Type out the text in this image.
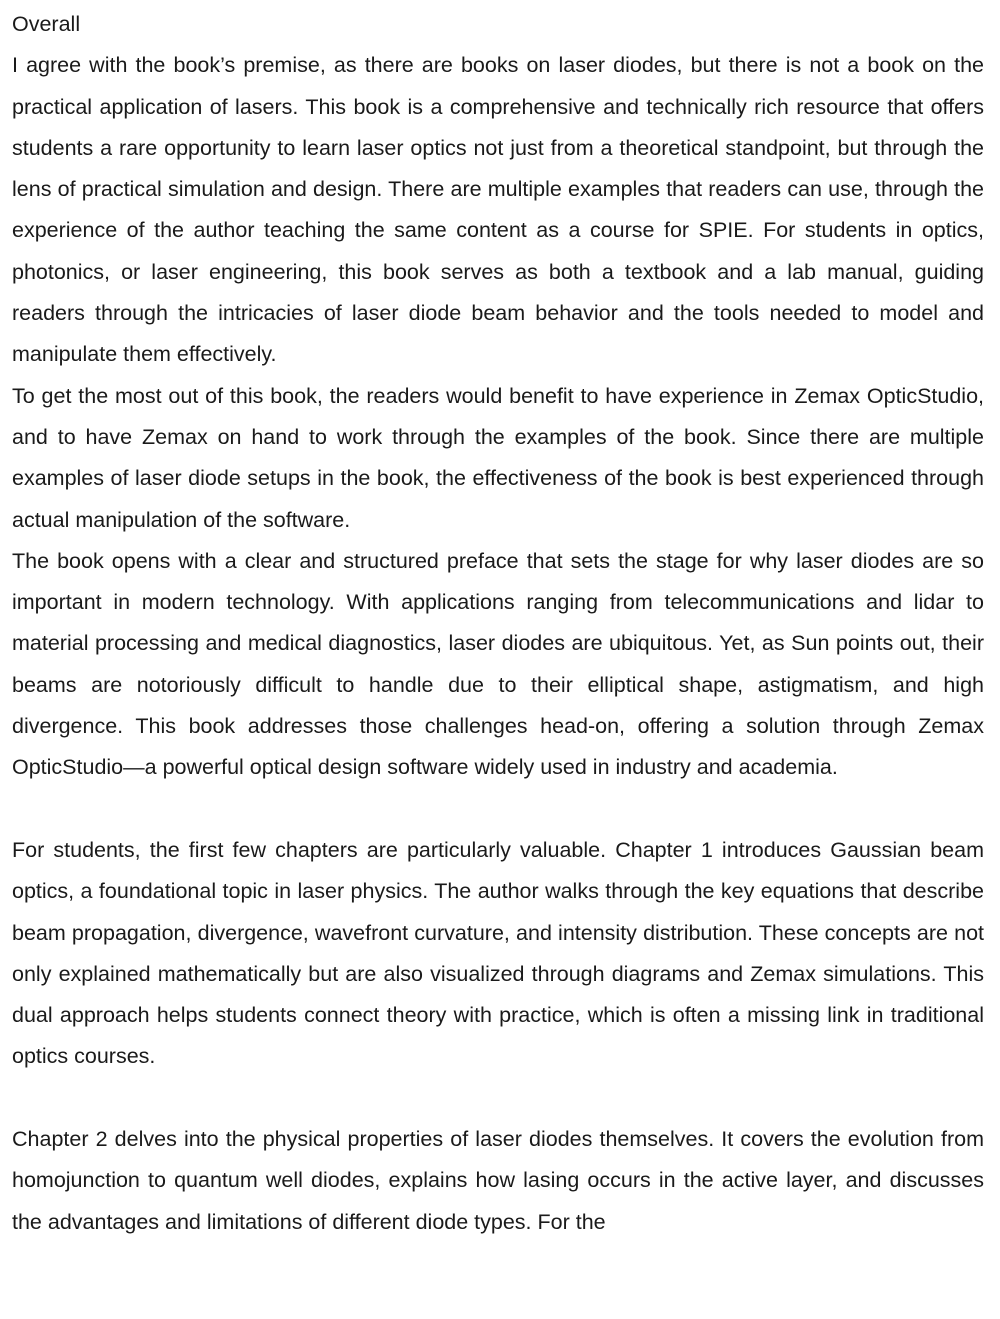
Overall

I agree with the book’s premise, as there are books on laser diodes, but there is not a book on the practical application of lasers. This book is a comprehensive and technically rich resource that offers students a rare opportunity to learn laser optics not just from a theoretical standpoint, but through the lens of practical simulation and design. There are multiple examples that readers can use, through the experience of the author teaching the same content as a course for SPIE. For students in optics, photonics, or laser engineering, this book serves as both a textbook and a lab manual, guiding readers through the intricacies of laser diode beam behavior and the tools needed to model and manipulate them effectively.

To get the most out of this book, the readers would benefit to have experience in Zemax OpticStudio, and to have Zemax on hand to work through the examples of the book. Since there are multiple examples of laser diode setups in the book, the effectiveness of the book is best experienced through actual manipulation of the software.

The book opens with a clear and structured preface that sets the stage for why laser diodes are so important in modern technology. With applications ranging from telecommunications and lidar to material processing and medical diagnostics, laser diodes are ubiquitous. Yet, as Sun points out, their beams are notoriously difficult to handle due to their elliptical shape, astigmatism, and high divergence. This book addresses those challenges head-on, offering a solution through Zemax OpticStudio—a powerful optical design software widely used in industry and academia.

For students, the first few chapters are particularly valuable. Chapter 1 introduces Gaussian beam optics, a foundational topic in laser physics. The author walks through the key equations that describe beam propagation, divergence, wavefront curvature, and intensity distribution. These concepts are not only explained mathematically but are also visualized through diagrams and Zemax simulations. This dual approach helps students connect theory with practice, which is often a missing link in traditional optics courses.

Chapter 2 delves into the physical properties of laser diodes themselves. It covers the evolution from homojunction to quantum well diodes, explains how lasing occurs in the active layer, and discusses the advantages and limitations of different diode types. For the
